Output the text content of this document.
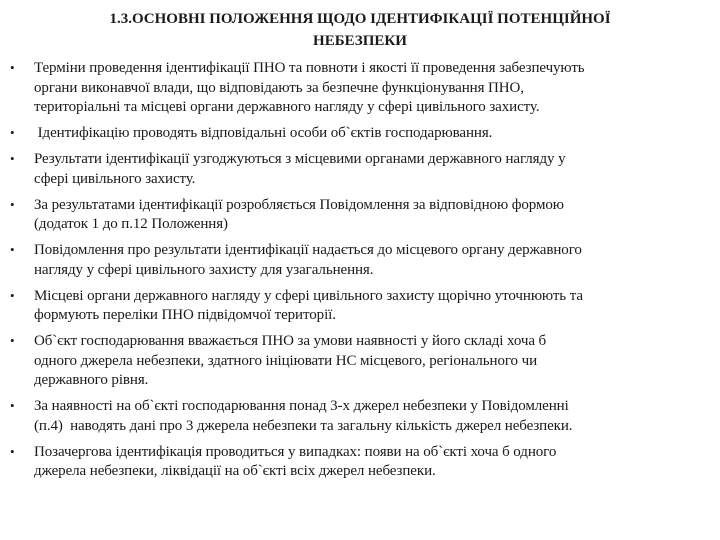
1.3.ОСНОВНІ ПОЛОЖЕННЯ ЩОДО ІДЕНТИФІКАЦІЇ ПОТЕНЦІЙНОЇ
НЕБЕЗПЕКИ
• Терміни проведення ідентифікації ПНО та повноти і якості її проведення забезпечують
органи виконавчої влади, що відповідають за безпечне функціонування ПНО,
територіальні та місцеві органи державного нагляду у сфері цивільного захисту.
• Ідентифікацію проводять відповідальні особи об`єктів господарювання.
• Результати ідентифікації узгоджуються з місцевими органами державного нагляду у
сфері цивільного захисту.
• За результатами ідентифікації розробляється Повідомлення за відповідною формою
(додаток 1 до п.12 Положення)
• Повідомлення про результати ідентифікації надається до місцевого органу державного
нагляду у сфері цивільного захисту для узагальнення.
• Місцеві органи державного нагляду у сфері цивільного захисту щорічно уточнюють та
формують переліки ПНО підвідомчої території.
• Об`єкт господарювання вважається ПНО за умови наявності у його складі хоча б
одного джерела небезпеки, здатного ініціювати НС місцевого, регіонального чи
державного рівня.
• За наявності на об`єкті господарювання понад 3-х джерел небезпеки у Повідомленні
(п.4)  наводять дані про 3 джерела небезпеки та загальну кількість джерел небезпеки.
• Позачергова ідентифікація проводиться у випадках: появи на об`єкті хоча б одного
джерела небезпеки, ліквідації на об`єкті всіх джерел небезпеки.
